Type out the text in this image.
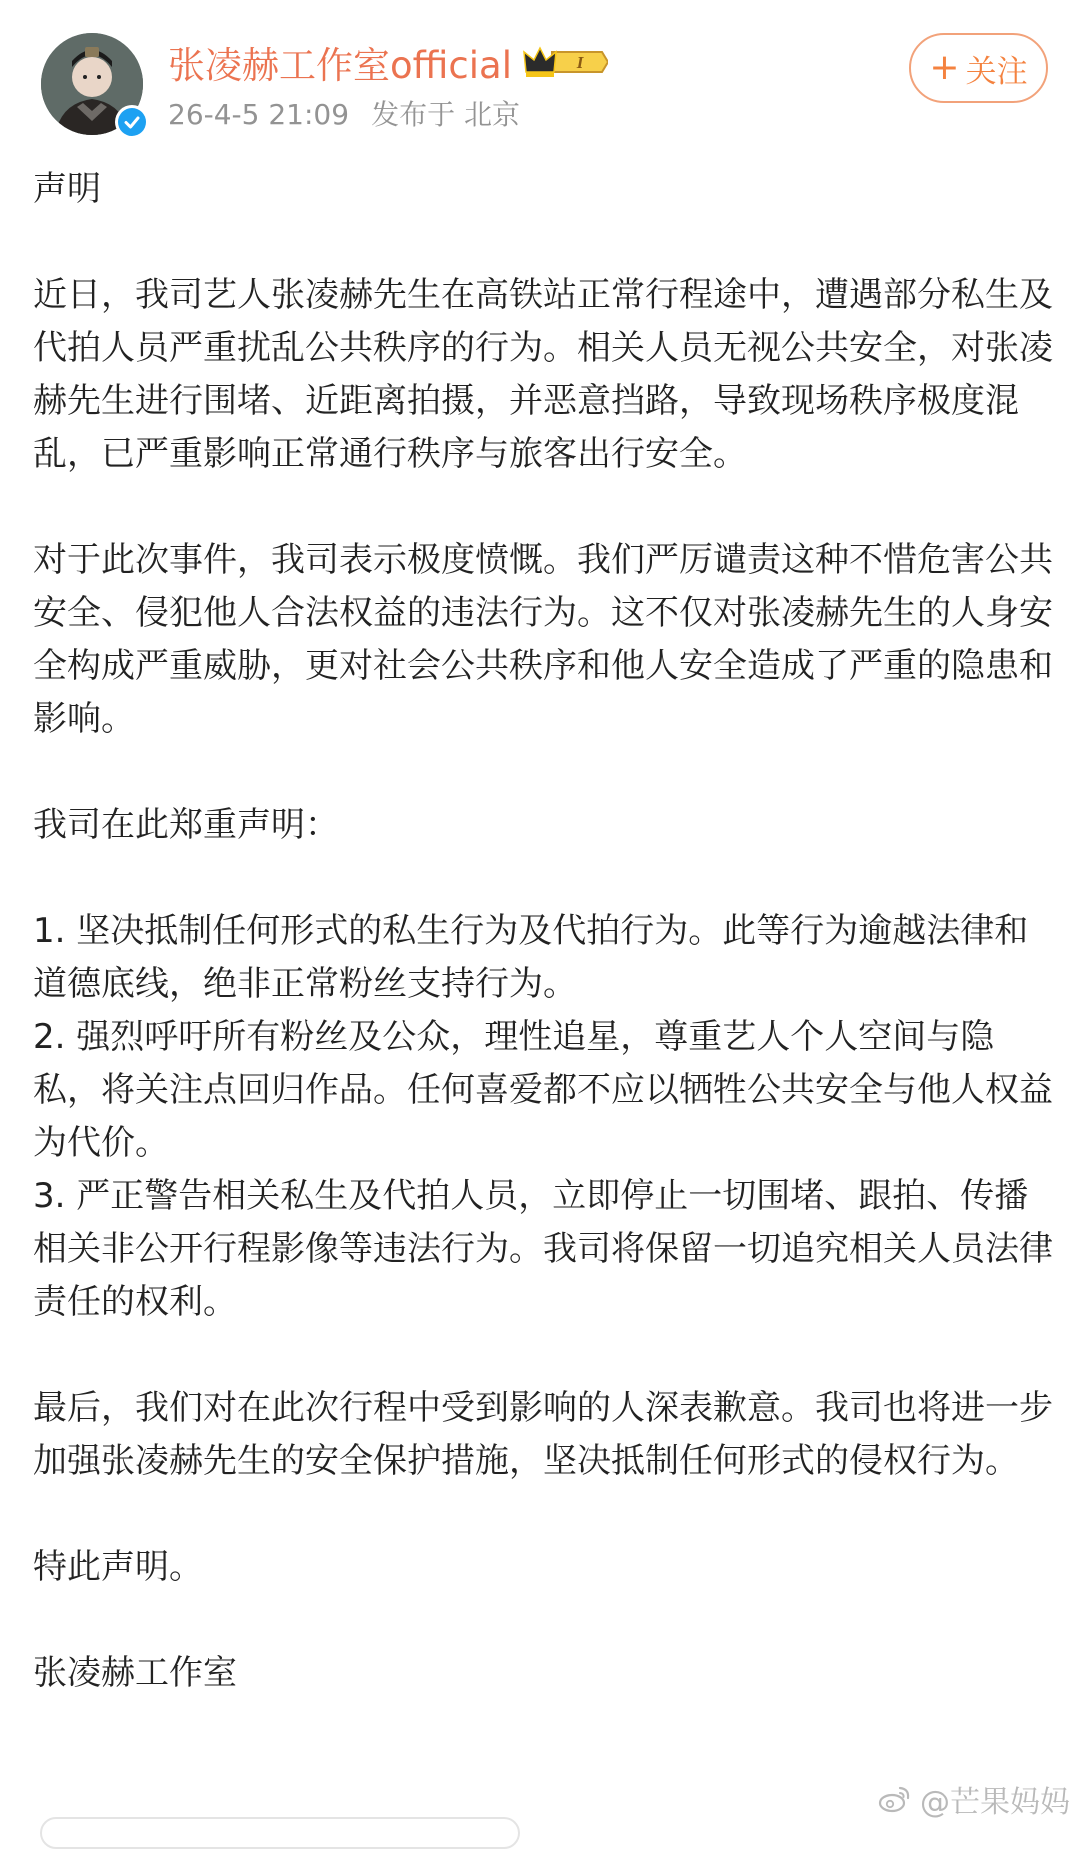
张凌赫工作室official	I
26-4-5 21:09 发布于 北京
+ 关注

声明

近日，我司艺人张凌赫先生在高铁站正常行程途中，遭遇部分私生及代拍人员严重扰乱公共秩序的行为。相关人员无视公共安全，对张凌赫先生进行围堵、近距离拍摄，并恶意挡路，导致现场秩序极度混乱，已严重影响正常通行秩序与旅客出行安全。

对于此次事件，我司表示极度愤慨。我们严厉谴责这种不惜危害公共安全、侵犯他人合法权益的违法行为。这不仅对张凌赫先生的人身安全构成严重威胁，更对社会公共秩序和他人安全造成了严重的隐患和影响。

我司在此郑重声明：

1. 坚决抵制任何形式的私生行为及代拍行为。此等行为逾越法律和道德底线，绝非正常粉丝支持行为。

2. 强烈呼吁所有粉丝及公众，理性追星，尊重艺人个人空间与隐私，将关注点回归作品。任何喜爱都不应以牺牲公共安全与他人权益为代价。

3. 严正警告相关私生及代拍人员，立即停止一切围堵、跟拍、传播相关非公开行程影像等违法行为。我司将保留一切追究相关人员法律责任的权利。

最后，我们对在此次行程中受到影响的人深表歉意。我司也将进一步加强张凌赫先生的安全保护措施，坚决抵制任何形式的侵权行为。

特此声明。

张凌赫工作室

@芒果妈妈
